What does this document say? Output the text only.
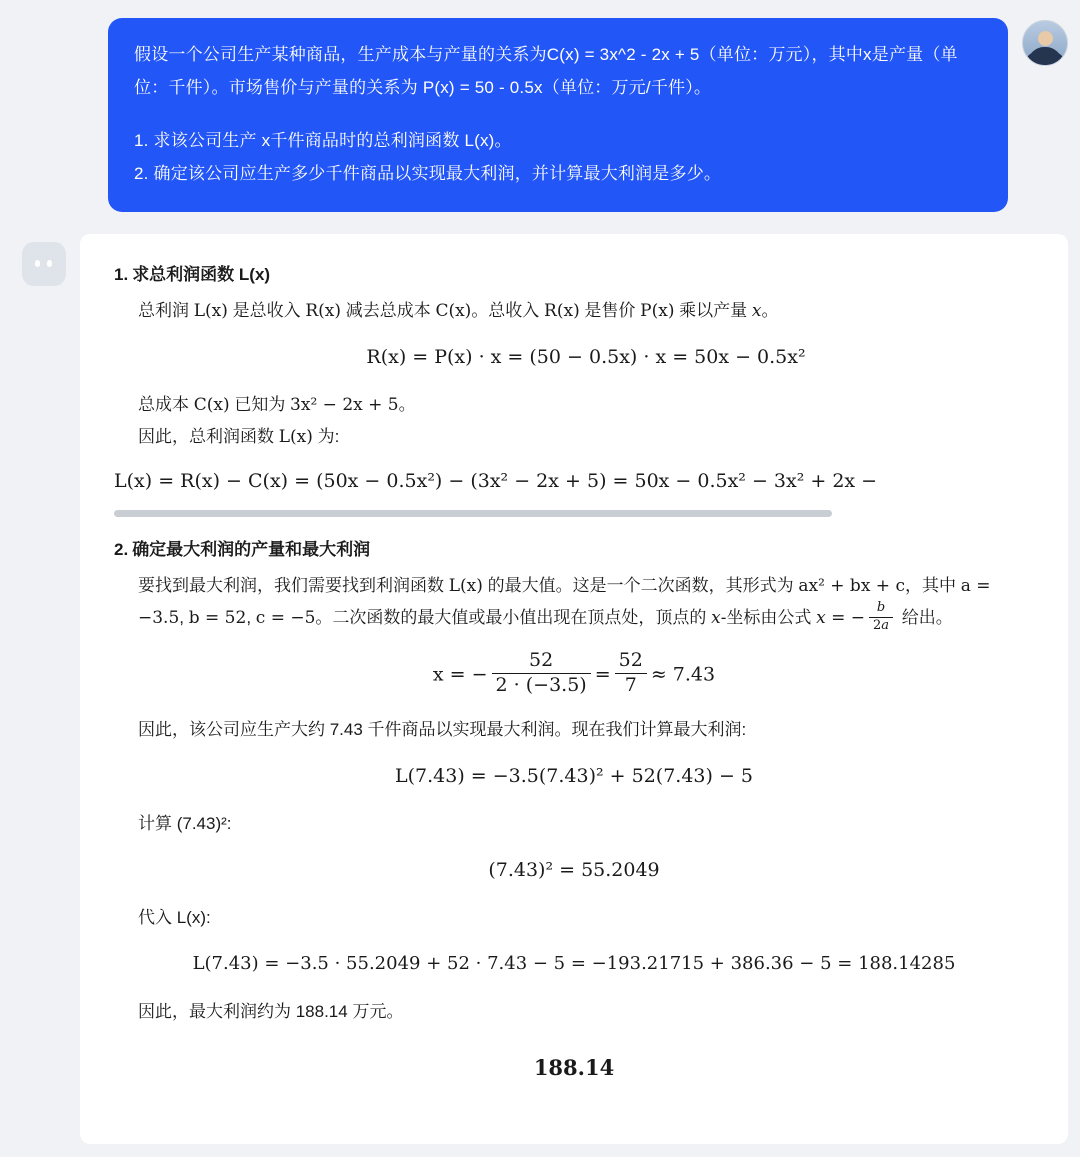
假设一个公司生产某种商品，生产成本与产量的关系为C(x) = 3x^2 - 2x + 5（单位：万元），其中x是产量（单位：千件）。市场售价与产量的关系为 P(x) = 50 - 0.5x（单位：万元/千件）。

1. 求该公司生产 x千件商品时的总利润函数 L(x)。

2. 确定该公司应生产多少千件商品以实现最大利润，并计算最大利润是多少。

1. 求总利润函数 L(x)

总利润 L(x) 是总收入 R(x) 减去总成本 C(x)。总收入 R(x) 是售价 P(x) 乘以产量 x。

R(x) = P(x) · x = (50 − 0.5x) · x = 50x − 0.5x²

总成本 C(x) 已知为 3x² − 2x + 5。

因此，总利润函数 L(x) 为:

L(x) = R(x) − C(x) = (50x − 0.5x²) − (3x² − 2x + 5) = 50x − 0.5x² − 3x² + 2x −
2. 确定最大利润的产量和最大利润

要找到最大利润，我们需要找到利润函数 L(x) 的最大值。这是一个二次函数，其形式为 ax² + bx + c，其中 a = −3.5, b = 52, c = −5。二次函数的最大值或最小值出现在顶点处，顶点的 x-坐标由公式 x = − $\frac{b}{2a}$ 给出。

x = − $\frac{52}{2 \cdot (-3.5)} = \frac{52}{7} \approx 7.43$

因此，该公司应生产大约 7.43 千件商品以实现最大利润。现在我们计算最大利润:

L(7.43) = −3.5(7.43)² + 52(7.43) − 5

计算 (7.43)²:

(7.43)² = 55.2049

代入 L(x):

L(7.43) = −3.5 · 55.2049 + 52 · 7.43 − 5 = −193.21715 + 386.36 − 5 = 188.14285

因此，最大利润约为 188.14 万元。

188.14
